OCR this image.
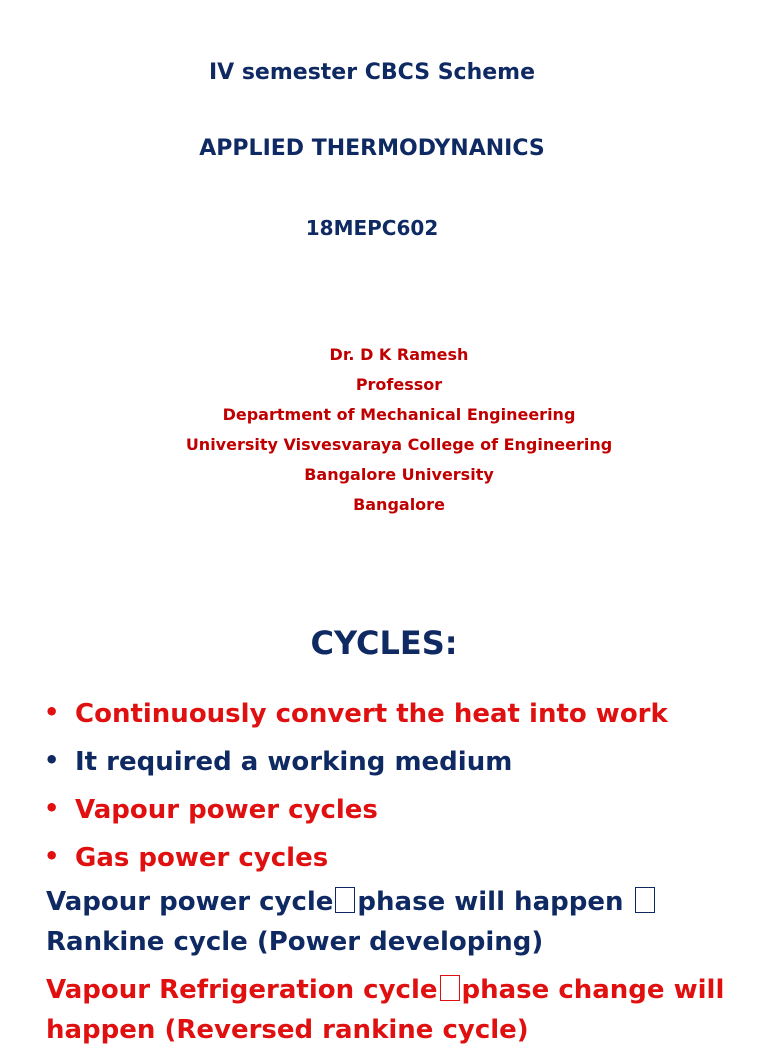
IV semester CBCS Scheme
APPLIED THERMODYNANICS
18MEPC602
Dr. D K Ramesh
Professor
Department of Mechanical Engineering
University Visvesvaraya College of Engineering
Bangalore University
Bangalore
CYCLES:
• Continuously convert the heat into work
• It required a working medium
• Vapour power cycles
• Gas power cycles
Vapour power cycle phase will happen
Rankine cycle (Power developing)
Vapour Refrigeration cycle phase change will
happen (Reversed rankine cycle)
